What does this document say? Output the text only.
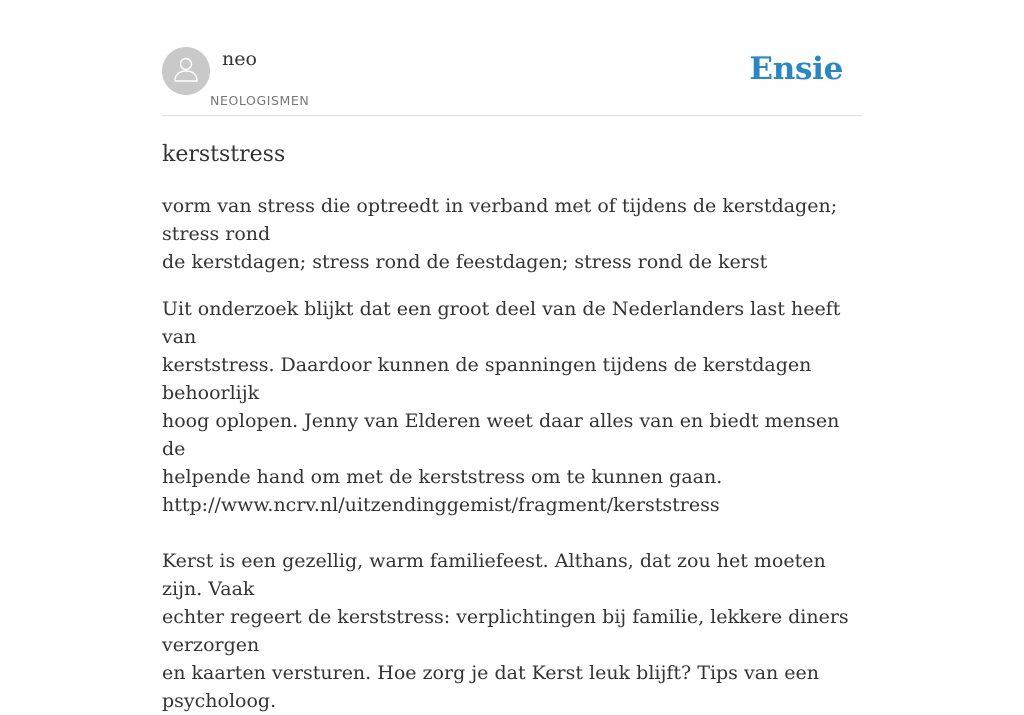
neo
NEOLOGISMEN
Ensie
kerststress

vorm van stress die optreedt in verband met of tijdens de kerstdagen; stress rond
de kerstdagen; stress rond de feestdagen; stress rond de kerst

Uit onderzoek blijkt dat een groot deel van de Nederlanders last heeft van
kerststress. Daardoor kunnen de spanningen tijdens de kerstdagen behoorlijk
hoog oplopen. Jenny van Elderen weet daar alles van en biedt mensen de
helpende hand om met de kerststress om te kunnen gaan.
http://www.ncrv.nl/uitzendinggemist/fragment/kerststress
Kerst is een gezellig, warm familiefeest. Althans, dat zou het moeten zijn. Vaak
echter regeert de kerststress: verplichtingen bij familie, lekkere diners verzorgen
en kaarten versturen. Hoe zorg je dat Kerst leuk blijft? Tips van een psycholoog.
